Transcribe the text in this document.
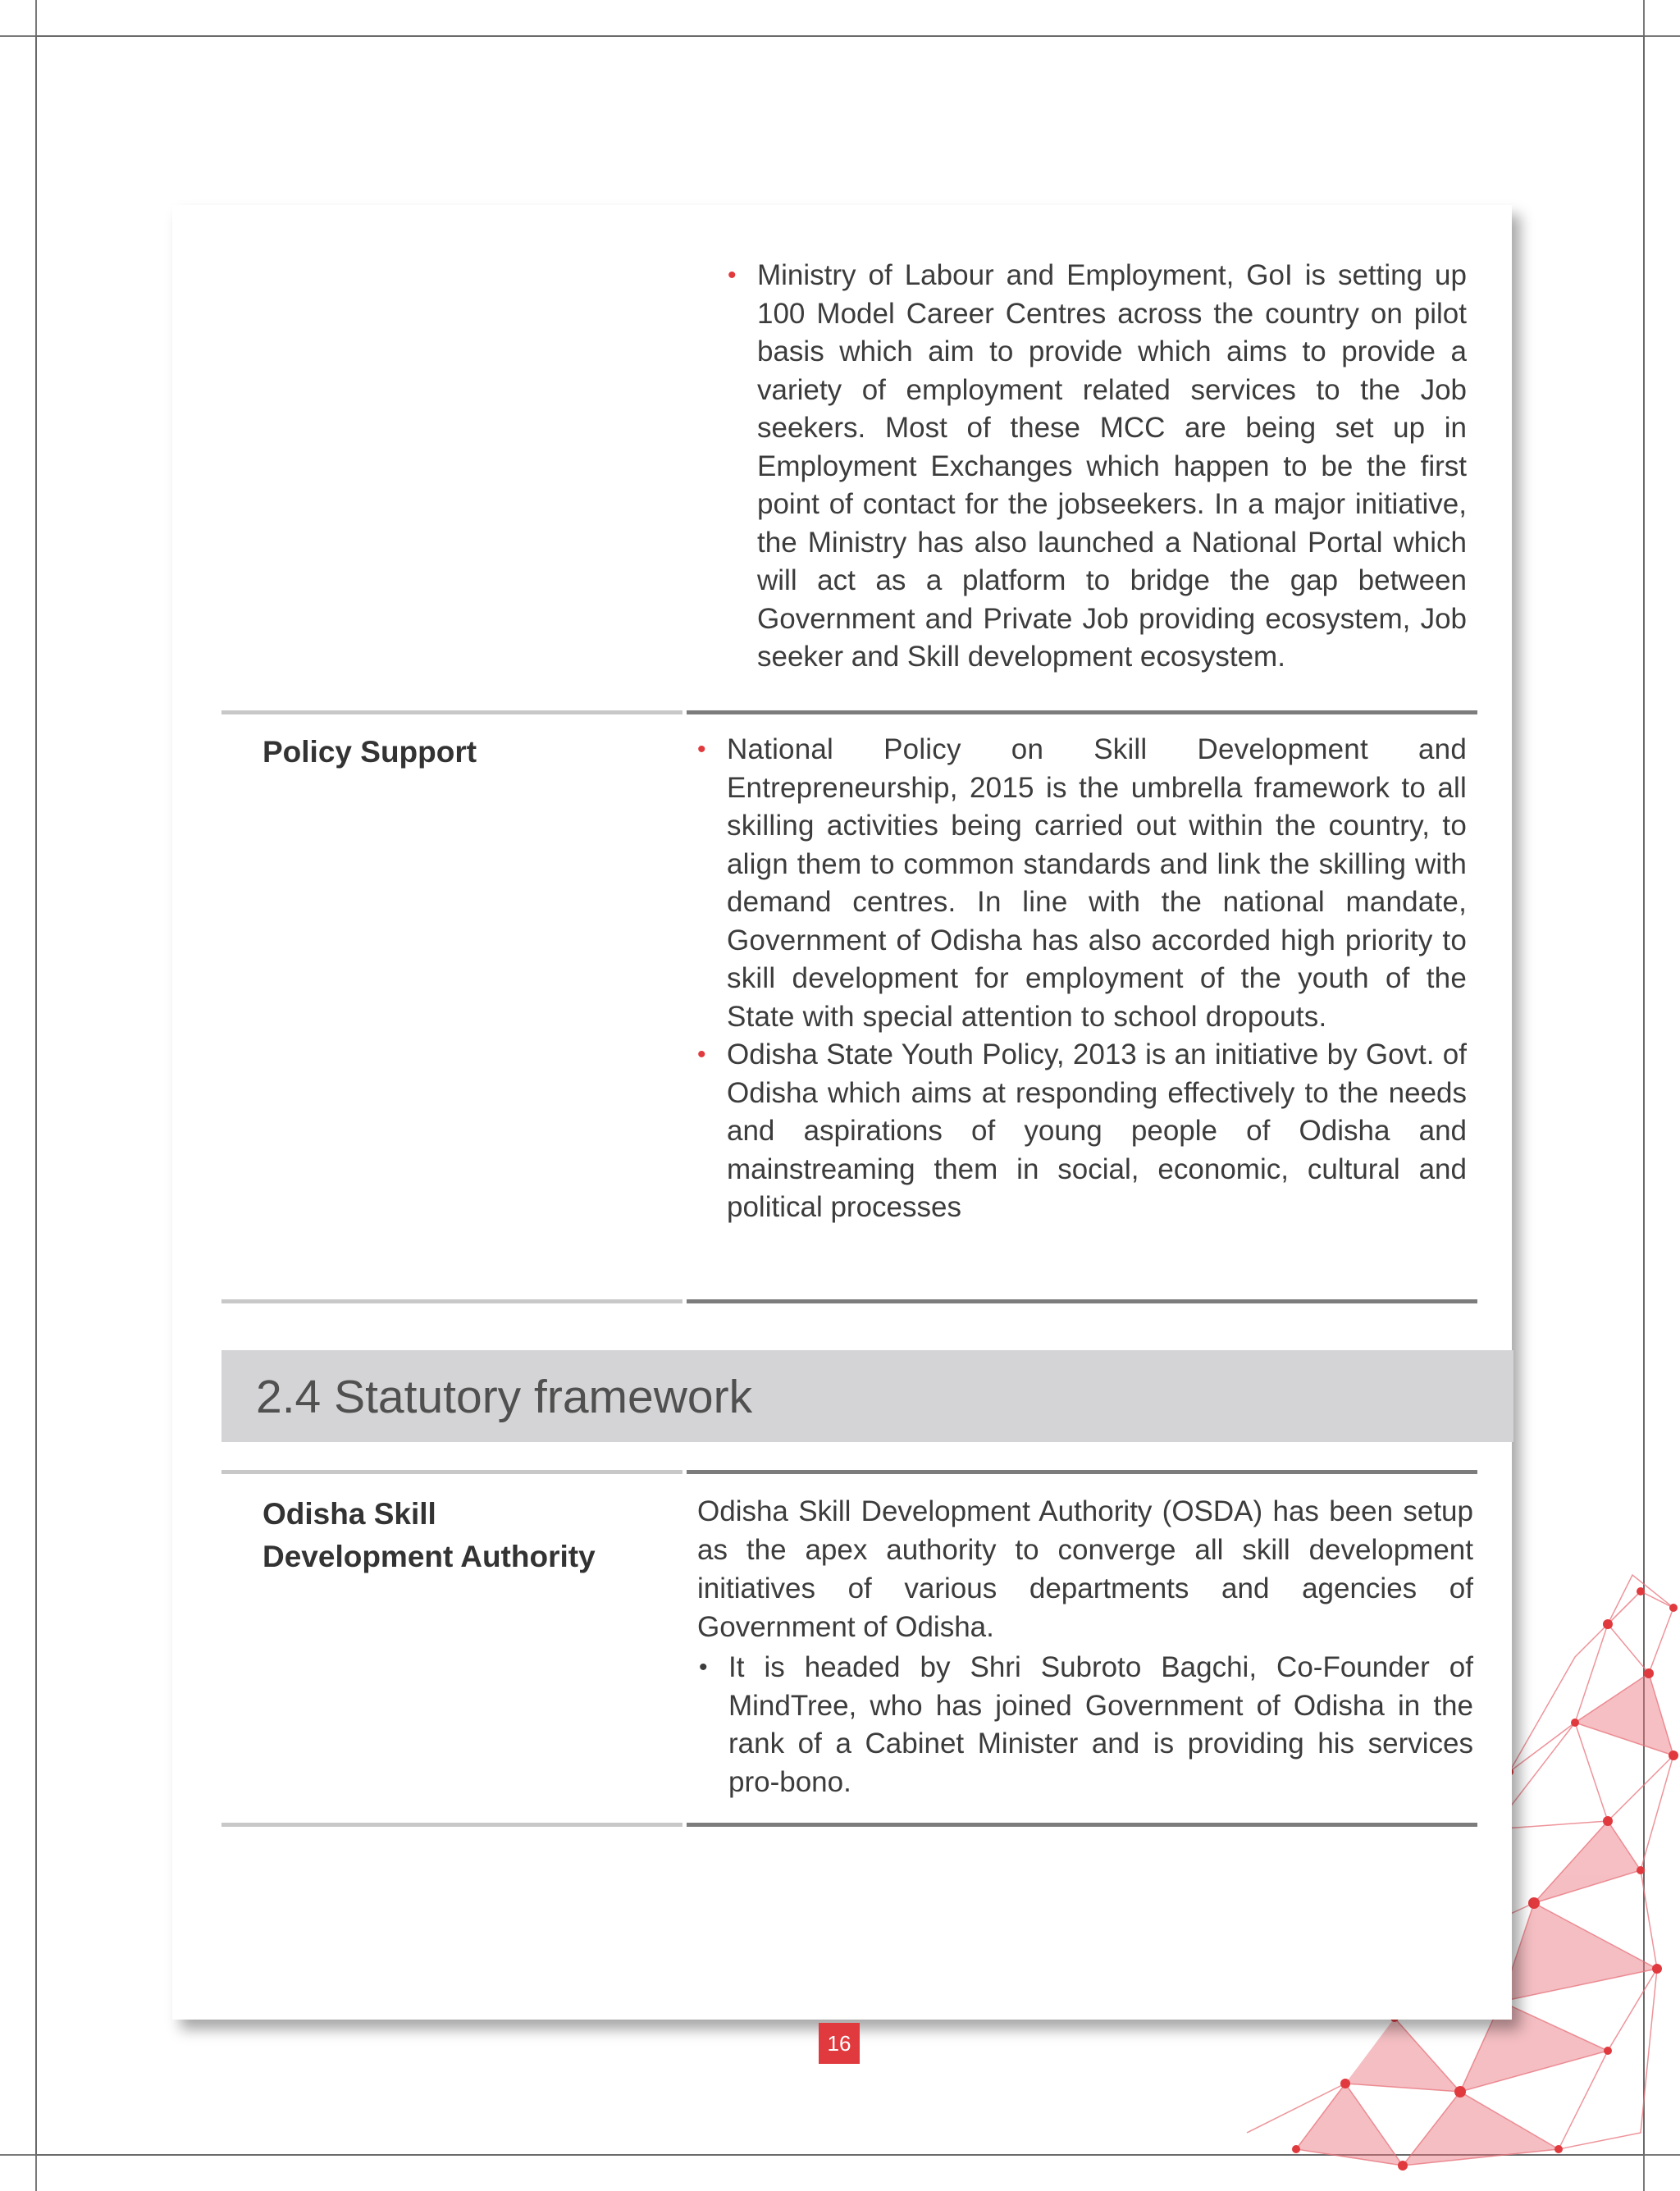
• Ministry of Labour and Employment, GoI is setting up 100 Model Career Centres across the country on pilot basis which aim to provide which aims to provide a variety of employment related services to the Job seekers. Most of these MCC are being set up in Employment Exchanges which happen to be the first point of contact for the jobseekers. In a major initiative, the Ministry has also launched a National Portal which will act as a platform to bridge the gap between Government and Private Job providing ecosystem, Job seeker and Skill development ecosystem.

Policy Support	• National Policy on Skill Development and Entrepreneurship, 2015 is the umbrella framework to all skilling activities being carried out within the country, to align them to common standards and link the skilling with demand centres. In line with the national mandate, Government of Odisha has also accorded high priority to skill development for employment of the youth of the State with special attention to school dropouts.
• Odisha State Youth Policy, 2013 is an initiative by Govt. of Odisha which aims at responding effectively to the needs and aspirations of young people of Odisha and mainstreaming them in social, economic, cultural and political processes
2.4 Statutory framework

Odisha Skill
Development Authority

Odisha Skill Development Authority (OSDA) has been setup as the apex authority to converge all skill development initiatives of various departments and agencies of Government of Odisha.

• It is headed by Shri Subroto Bagchi, Co-Founder of MindTree, who has joined Government of Odisha in the rank of a Cabinet Minister and is providing his services pro-bono.
16
